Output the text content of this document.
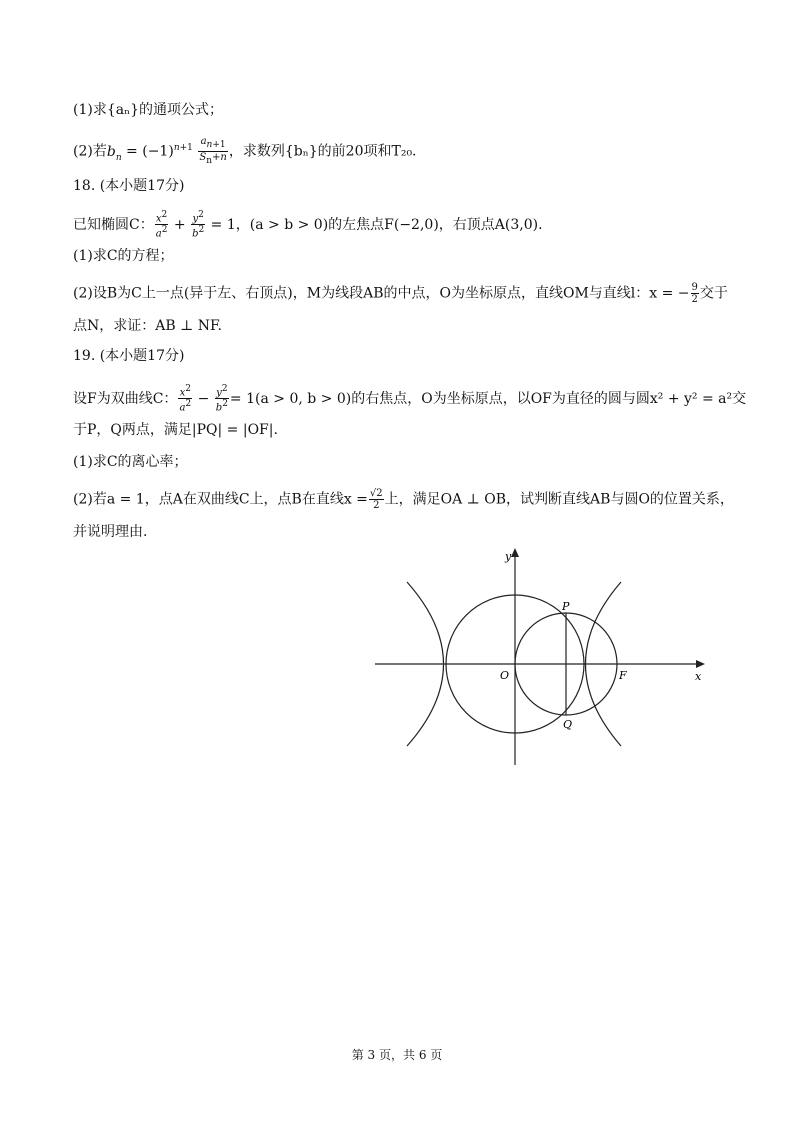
(1)求{aₙ}的通项公式；
(2)若$b_n = (-1)^{n+1} \frac{a_{n+1}}{S_n+n}$ ，求数列{bₙ}的前20项和T₂₀.
18. (本小题17分)
已知椭圆C： $\frac{x^2}{a^2} + \frac{y^2}{b^2} = 1$，(a > b > 0)的左焦点F(−2,0)，右顶点A(3,0).
(1)求C的方程；
(2)设B为C上一点(异于左、右顶点)，M为线段AB的中点，O为坐标原点，直线OM与直线l：x = − $\frac{9}{2}$ 交于
点N，求证：AB ⊥ NF.
19. (本小题17分)
设F为双曲线C： $\frac{x^2}{a^2} - \frac{y^2}{b^2} = 1(a > 0$, b > 0)的右焦点，O为坐标原点，以OF为直径的圆与圆x² + y² = a²交
于P，Q两点，满足|PQ| = |OF|.
(1)求C的离心率；
(2)若a = 1，点A在双曲线C上，点B在直线$x = \frac{√2}{2}$ 上，满足OA ⊥ OB，试判断直线AB与圆O的位置关系，
并说明理由.
y
x
O	F
P
Q
第 3 页，共 6 页
